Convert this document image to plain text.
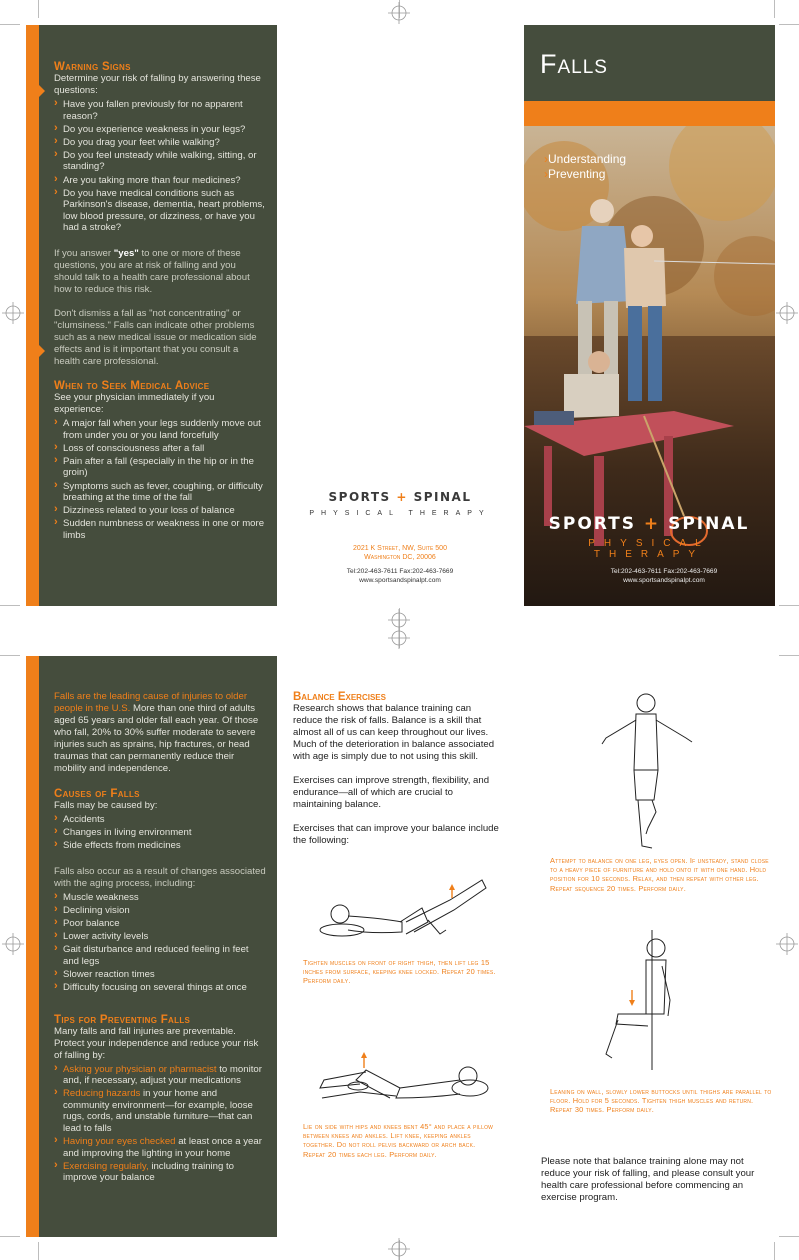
Warning Signs
Determine your risk of falling by answering these questions:
› Have you fallen previously for no apparent reason?
› Do you experience weakness in your legs?
› Do you drag your feet while walking?
› Do you feel unsteady while walking, sitting, or standing?
› Are you taking more than four medicines?
› Do you have medical conditions such as Parkinson's disease, dementia, heart problems, low blood pressure, or dizziness, or have you had a stroke?
If you answer "yes" to one or more of these questions, you are at risk of falling and you should talk to a health care professional about how to reduce this risk.
Don't dismiss a fall as "not concentrating" or "clumsiness." Falls can indicate other problems such as a new medical issue or medication side effects and is it important that you consult a health care professional.
When to Seek Medical Advice
See your physician immediately if you experience:
› A major fall when your legs suddenly move out from under you or you land forcefully
› Loss of consciousness after a fall
› Pain after a fall (especially in the hip or in the groin)
› Symptoms such as fever, coughing, or difficulty breathing at the time of the fall
› Dizziness related to your loss of balance
› Sudden numbness or weakness in one or more limbs
SPORTS + SPINAL
PHYSICAL THERAPY
2021 K Street, NW, Suite 500
Washington DC, 20006
Tel:202-463-7611 Fax:202-463-7669
www.sportsandspinalpt.com
Falls
›Understanding
›Preventing
SPORTS + SPINAL
PHYSICAL THERAPY
Tel:202-463-7611 Fax:202-463-7669
www.sportsandspinalpt.com
Falls are the leading cause of injuries to older people in the U.S. More than one third of adults aged 65 years and older fall each year. Of those who fall, 20% to 30% suffer moderate to severe injuries such as sprains, hip fractures, or head traumas that can permanently reduce their mobility and independence.
Causes of Falls
Falls may be caused by:
› Accidents
› Changes in living environment
› Side effects from medicines
Falls also occur as a result of changes associated with the aging process, including:
› Muscle weakness
› Declining vision
› Poor balance
› Lower activity levels
› Gait disturbance and reduced feeling in feet and legs
› Slower reaction times
› Difficulty focusing on several things at once
Tips for Preventing Falls
Many falls and fall injuries are preventable. Protect your independence and reduce your risk of falling by:
› Asking your physician or pharmacist to monitor and, if necessary, adjust your medications
› Reducing hazards in your home and community environment—for example, loose rugs, cords, and unstable furniture—that can lead to falls
› Having your eyes checked at least once a year and improving the lighting in your home
› Exercising regularly, including training to improve your balance
Balance Exercises
Research shows that balance training can reduce the risk of falls. Balance is a skill that almost all of us can keep throughout our lives. Much of the deterioration in balance associated with age is simply due to not using this skill.
Exercises can improve strength, flexibility, and endurance—all of which are crucial to maintaining balance.
Exercises that can improve your balance include the following:
Tighten muscles on front of right thigh, then lift leg 15 inches from surface, keeping knee locked. Repeat 20 times. Perform daily.
Lie on side with hips and knees bent 45° and place a pillow between knees and ankles. Lift knee, keeping ankles together. Do not roll pelvis backward or arch back. Repeat 20 times each leg. Perform daily.
Attempt to balance on one leg, eyes open. If unsteady, stand close to a heavy piece of furniture and hold onto it with one hand. Hold position for 10 seconds. Relax, and then repeat with other leg. Repeat sequence 20 times. Perform daily.
Leaning on wall, slowly lower buttocks until thighs are parallel to floor. Hold for 5 seconds. Tighten thigh muscles and return. Repeat 30 times. Perform daily.
Please note that balance training alone may not reduce your risk of falling, and please consult your health care professional before commencing an exercise program.
